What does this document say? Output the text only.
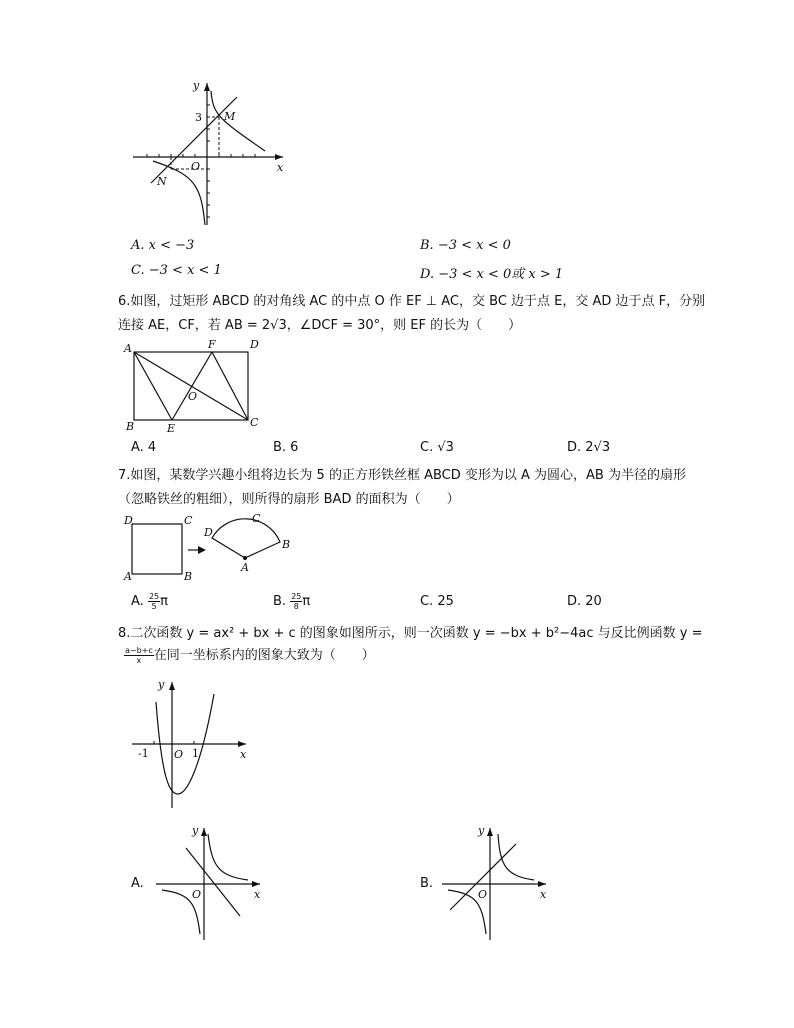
y
x
O
3 M
N
A. x < −3	B. −3 < x < 0
C. −3 < x < 1	D. −3 < x < 0或 x > 1
6.如图，过矩形 ABCD 的对角线 AC 的中点 O 作 EF ⊥ AC，交 BC 边于点 E，交 AD 边于点 F，分别
连接 AE，CF，若 AB = 2√3，∠DCF = 30°，则 EF 的长为（　　）
A
B	C
D
E
F
O
A. 4	B. 6	C. √3	D. 2√3
7.如图，某数学兴趣小组将边长为 5 的正方形铁丝框 ABCD 变形为以 A 为圆心，AB 为半径的扇形
（忽略铁丝的粗细），则所得的扇形 BAD 的面积为（　　）
D	C
A	B
D
C
B
A
A. $\frac{25}{5}$ π	B. $\frac{25}{8}$ π	C. 25	D. 20
8.二次函数 y = ax² + bx + c 的图象如图所示，则一次函数 y = −bx + b²−4ac 与反比例函数 y =
$\frac{a-b+c}{x}$ 在同一坐标系内的图象大致为（　　）
y
x
O
-1	1
A.
y
x
O
B.
y
x
O
